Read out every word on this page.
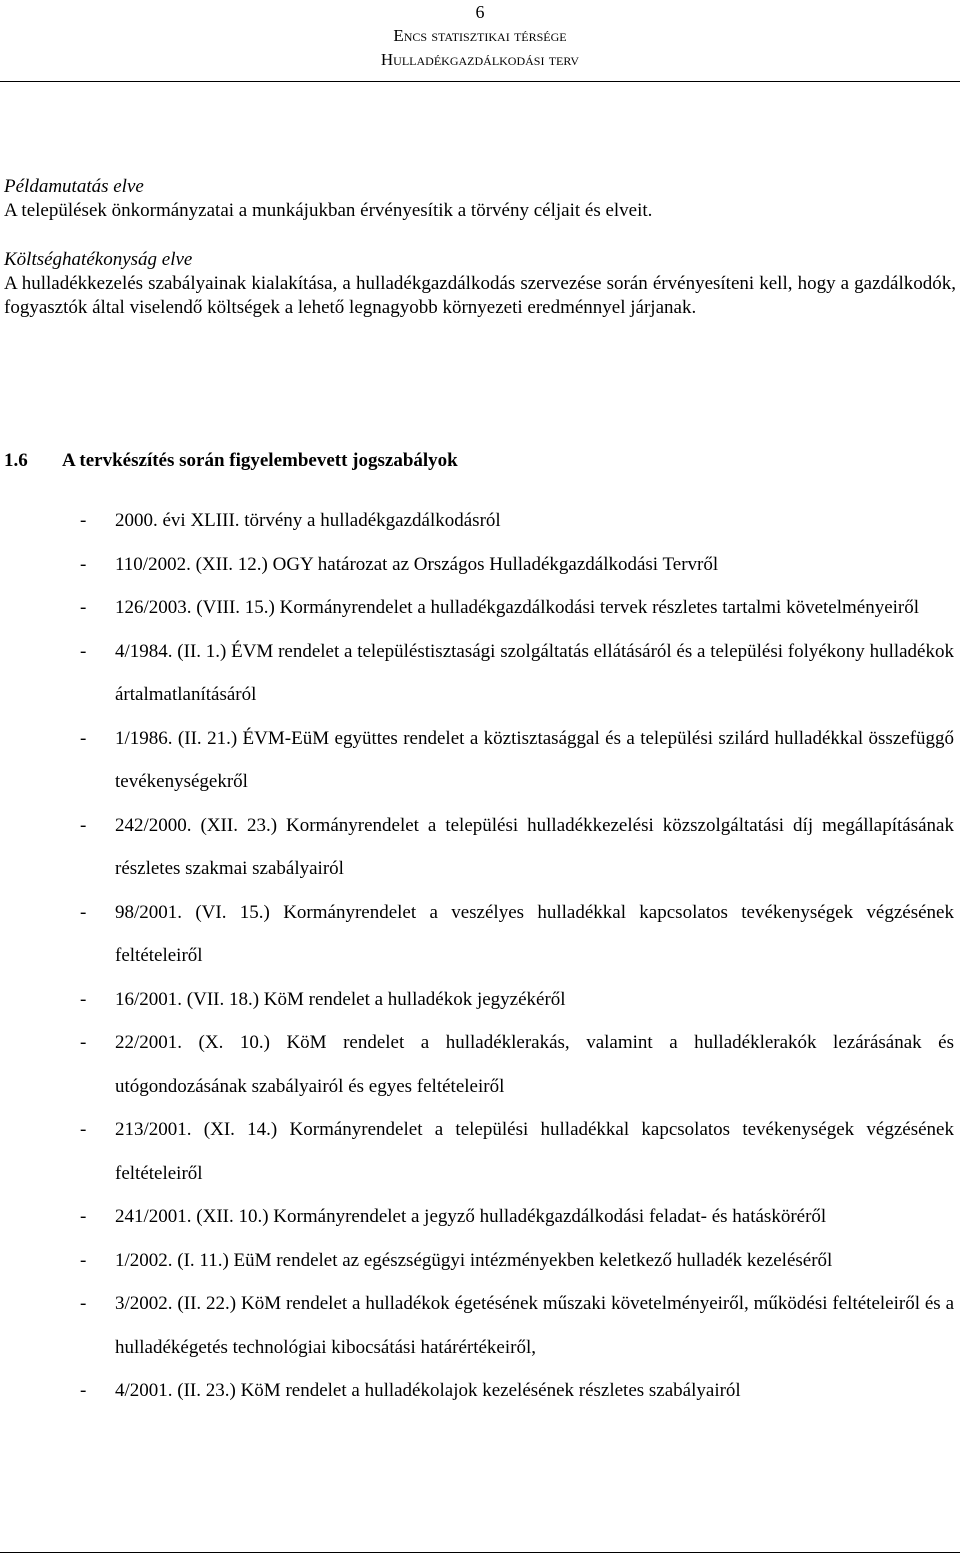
6
Encs statisztikai térsége
Hulladékgazdálkodási terv

Példamutatás elve
A települések önkormányzatai a munkájukban érvényesítik a törvény céljait és elveit.

Költséghatékonyság elve
A hulladékkezelés szabályainak kialakítása, a hulladékgazdálkodás szervezése során érvényesíteni kell, hogy a gazdálkodók, fogyasztók által viselendő költségek a lehető legnagyobb környezeti eredménnyel járjanak.

1.6 A tervkészítés során figyelembevett jogszabályok
- 2000. évi XLIII. törvény a hulladékgazdálkodásról
- 110/2002. (XII. 12.) OGY határozat az Országos Hulladékgazdálkodási Tervről
- 126/2003. (VIII. 15.) Kormányrendelet a hulladékgazdálkodási tervek részletes tartalmi követelményeiről
- 4/1984. (II. 1.) ÉVM rendelet a településtisztasági szolgáltatás ellátásáról és a települési folyékony hulladékok ártalmatlanításáról
- 1/1986. (II. 21.) ÉVM-EüM együttes rendelet a köztisztasággal és a települési szilárd hulladékkal összefüggő tevékenységekről
- 242/2000. (XII. 23.) Kormányrendelet a települési hulladékkezelési közszolgáltatási díj megállapításának részletes szakmai szabályairól
- 98/2001. (VI. 15.) Kormányrendelet a veszélyes hulladékkal kapcsolatos tevékenységek végzésének feltételeiről
- 16/2001. (VII. 18.) KöM rendelet a hulladékok jegyzékéről
- 22/2001. (X. 10.) KöM rendelet a hulladéklerakás, valamint a hulladéklerakók lezárásának és utógondozásának szabályairól és egyes feltételeiről
- 213/2001. (XI. 14.) Kormányrendelet a települési hulladékkal kapcsolatos tevékenységek végzésének feltételeiről
- 241/2001. (XII. 10.) Kormányrendelet a jegyző hulladékgazdálkodási feladat- és hatásköréről
- 1/2002. (I. 11.) EüM rendelet az egészségügyi intézményekben keletkező hulladék kezeléséről
- 3/2002. (II. 22.) KöM rendelet a hulladékok égetésének műszaki követelményeiről, működési feltételeiről és a hulladékégetés technológiai kibocsátási határértékeiről,
- 4/2001. (II. 23.) KöM rendelet a hulladékolajok kezelésének részletes szabályairól
